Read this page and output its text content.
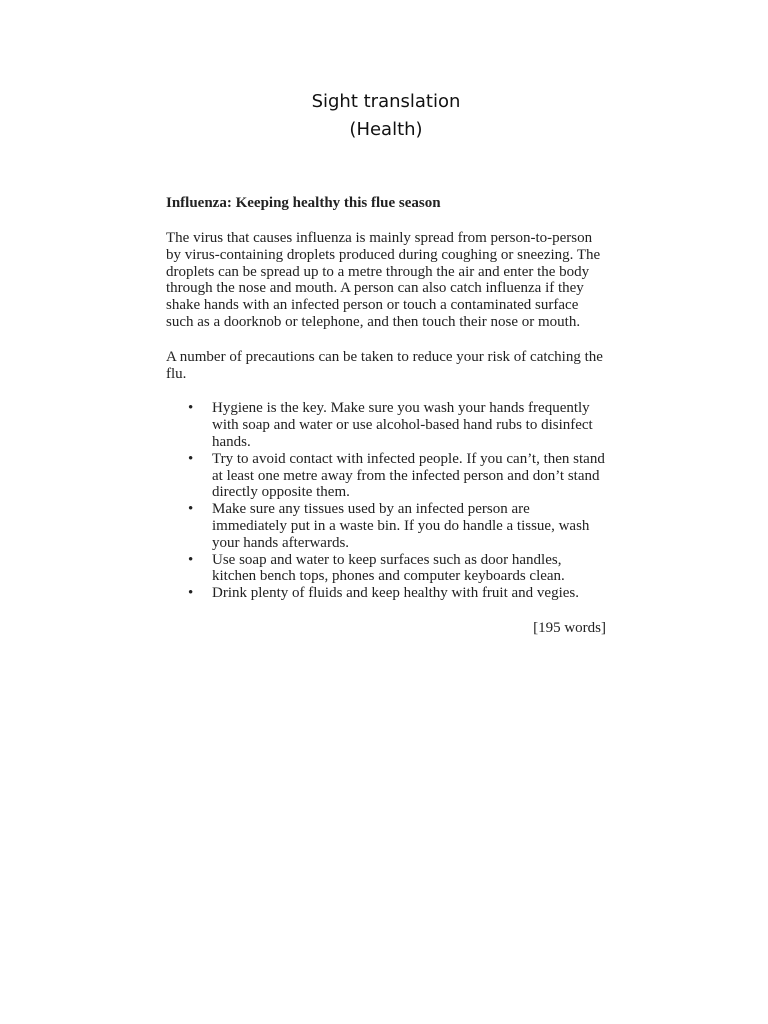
Sight translation
(Health)
Influenza: Keeping healthy this flue season
The virus that causes influenza is mainly spread from person-to-person by virus-containing droplets produced during coughing or sneezing. The droplets can be spread up to a metre through the air and enter the body through the nose and mouth. A person can also catch influenza if they shake hands with an infected person or touch a contaminated surface such as a doorknob or telephone, and then touch their nose or mouth.
A number of precautions can be taken to reduce your risk of catching the flu.
• Hygiene is the key. Make sure you wash your hands frequently with soap and water or use alcohol-based hand rubs to disinfect hands.
• Try to avoid contact with infected people. If you can’t, then stand at least one metre away from the infected person and don’t stand directly opposite them.
• Make sure any tissues used by an infected person are immediately put in a waste bin. If you do handle a tissue, wash your hands afterwards.
• Use soap and water to keep surfaces such as door handles, kitchen bench tops, phones and computer keyboards clean.
• Drink plenty of fluids and keep healthy with fruit and vegies.
[195 words]
